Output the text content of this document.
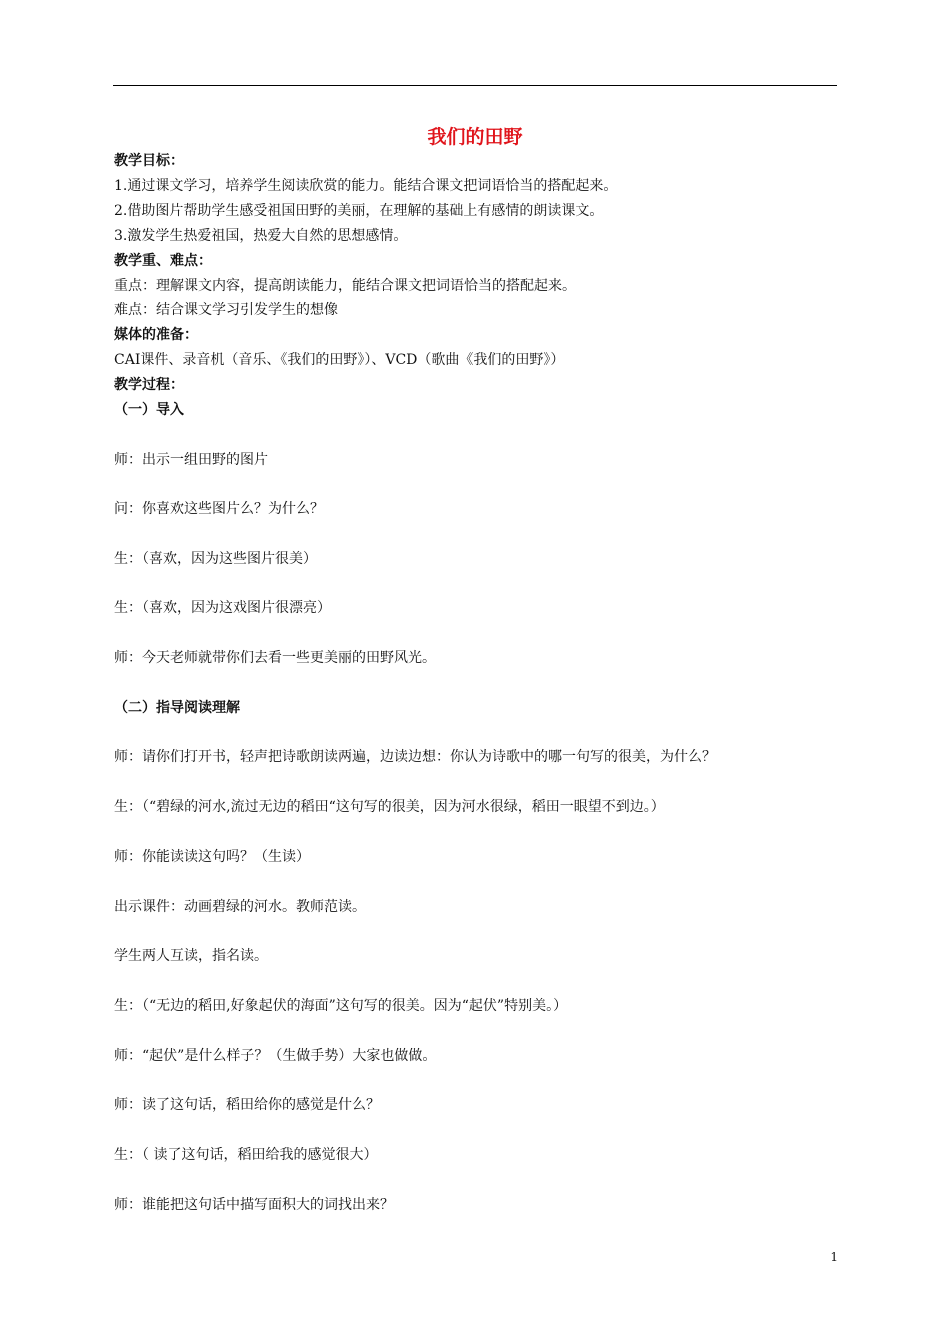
我们的田野
教学目标：
1.通过课文学习，培养学生阅读欣赏的能力。能结合课文把词语恰当的搭配起来。
2.借助图片帮助学生感受祖国田野的美丽，在理解的基础上有感情的朗读课文。
3.激发学生热爱祖国，热爱大自然的思想感情。
教学重、难点：
重点：理解课文内容，提高朗读能力，能结合课文把词语恰当的搭配起来。
难点：结合课文学习引发学生的想像
媒体的准备：
CAI课件、录音机（音乐、《我们的田野》）、VCD（歌曲《我们的田野》）
教学过程：
（一）导入
师：出示一组田野的图片
问：你喜欢这些图片么？为什么？
生：（喜欢，因为这些图片很美）
生：（喜欢，因为这戏图片很漂亮）
师：今天老师就带你们去看一些更美丽的田野风光。
（二）指导阅读理解
师：请你们打开书，轻声把诗歌朗读两遍，边读边想：你认为诗歌中的哪一句写的很美，为什么？
生：（“碧绿的河水,流过无边的稻田“这句写的很美，因为河水很绿，稻田一眼望不到边。）
师：你能读读这句吗？（生读）
出示课件：动画碧绿的河水。教师范读。
学生两人互读，指名读。
生：（“无边的稻田,好象起伏的海面”这句写的很美。因为“起伏”特别美。）
师：“起伏”是什么样子？（生做手势）大家也做做。
师：读了这句话，稻田给你的感觉是什么？
生：（ 读了这句话，稻田给我的感觉很大）
师：谁能把这句话中描写面积大的词找出来？
1
